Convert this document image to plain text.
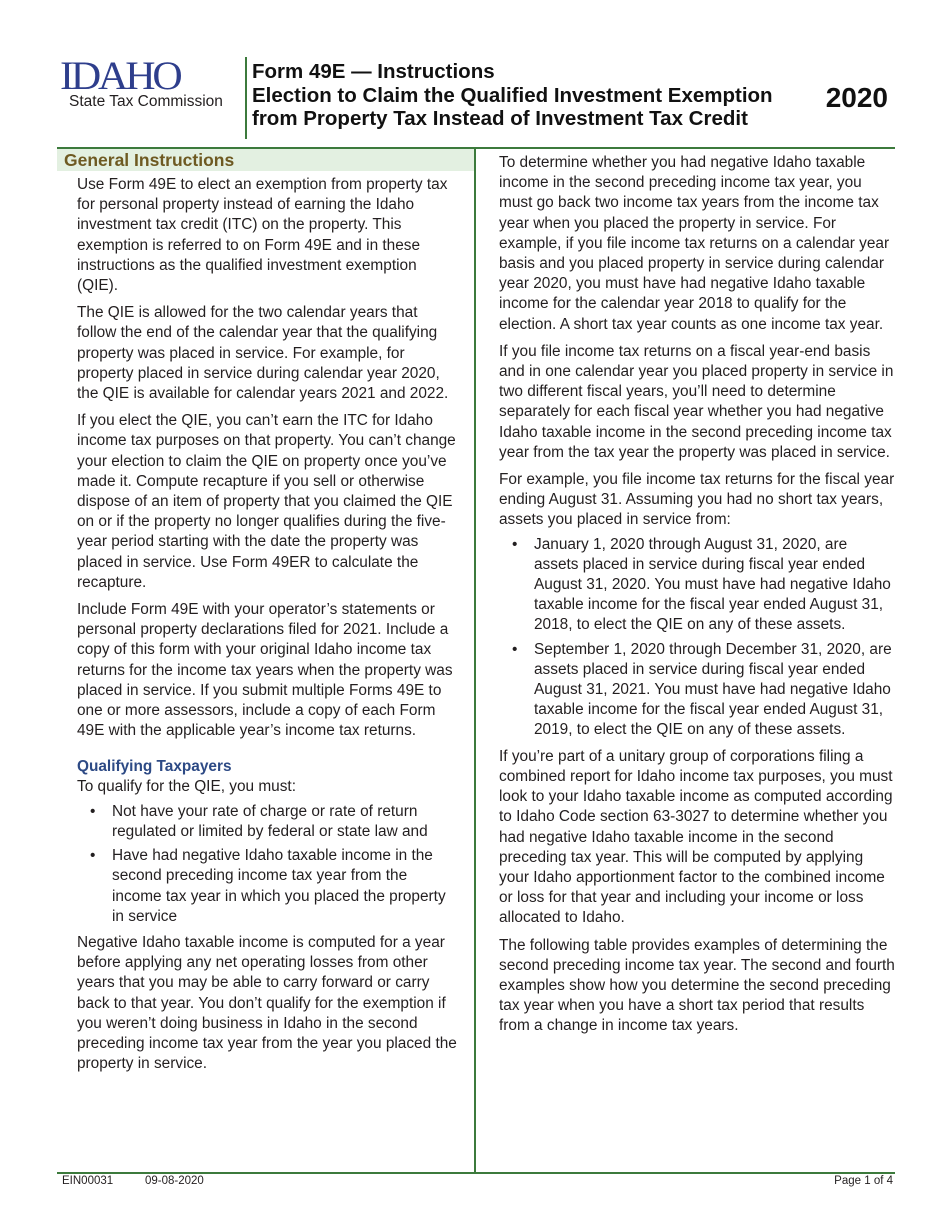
IDAHO
State Tax Commission
Form 49E — Instructions
Election to Claim the Qualified Investment Exemption
from Property Tax Instead of Investment Tax Credit
2020
General Instructions

Use Form 49E to elect an exemption from property tax for personal property instead of earning the Idaho investment tax credit (ITC) on the property. This exemption is referred to on Form 49E and in these instructions as the qualified investment exemption (QIE).

The QIE is allowed for the two calendar years that follow the end of the calendar year that the qualifying property was placed in service. For example, for property placed in service during calendar year 2020, the QIE is available for calendar years 2021 and 2022.

If you elect the QIE, you can’t earn the ITC for Idaho income tax purposes on that property. You can’t change your election to claim the QIE on property once you’ve made it. Compute recapture if you sell or otherwise dispose of an item of property that you claimed the QIE on or if the property no longer qualifies during the five-year period starting with the date the property was placed in service. Use Form 49ER to calculate the recapture.

Include Form 49E with your operator’s statements or personal property declarations filed for 2021. Include a copy of this form with your original Idaho income tax returns for the income tax years when the property was placed in service. If you submit multiple Forms 49E to one or more assessors, include a copy of each Form 49E with the applicable year’s income tax returns.

Qualifying Taxpayers

To qualify for the QIE, you must:

• Not have your rate of charge or rate of return regulated or limited by federal or state law and
• Have had negative Idaho taxable income in the second preceding income tax year from the income tax year in which you placed the property in service

Negative Idaho taxable income is computed for a year before applying any net operating losses from other years that you may be able to carry forward or carry back to that year. You don’t qualify for the exemption if you weren’t doing business in Idaho in the second preceding income tax year from the year you placed the property in service.

To determine whether you had negative Idaho taxable income in the second preceding income tax year, you must go back two income tax years from the income tax year when you placed the property in service. For example, if you file income tax returns on a calendar year basis and you placed property in service during calendar year 2020, you must have had negative Idaho taxable income for the calendar year 2018 to qualify for the election. A short tax year counts as one income tax year.

If you file income tax returns on a fiscal year-end basis and in one calendar year you placed property in service in two different fiscal years, you’ll need to determine separately for each fiscal year whether you had negative Idaho taxable income in the second preceding income tax year from the tax year the property was placed in service.

For example, you file income tax returns for the fiscal year ending August 31. Assuming you had no short tax years, assets you placed in service from:

• January 1, 2020 through August 31, 2020, are assets placed in service during fiscal year ended August 31, 2020. You must have had negative Idaho taxable income for the fiscal year ended August 31, 2018, to elect the QIE on any of these assets.
• September 1, 2020 through December 31, 2020, are assets placed in service during fiscal year ended August 31, 2021. You must have had negative Idaho taxable income for the fiscal year ended August 31, 2019, to elect the QIE on any of these assets.

If you’re part of a unitary group of corporations filing a combined report for Idaho income tax purposes, you must look to your Idaho taxable income as computed according to Idaho Code section 63-3027 to determine whether you had negative Idaho taxable income in the second preceding tax year. This will be computed by applying your Idaho apportionment factor to the combined income or loss for that year and including your income or loss allocated to Idaho.

The following table provides examples of determining the second preceding income tax year. The second and fourth examples show how you determine the second preceding tax year when you have a short tax period that results from a change in income tax years.

EIN00031	09-08-2020	Page 1 of 4
